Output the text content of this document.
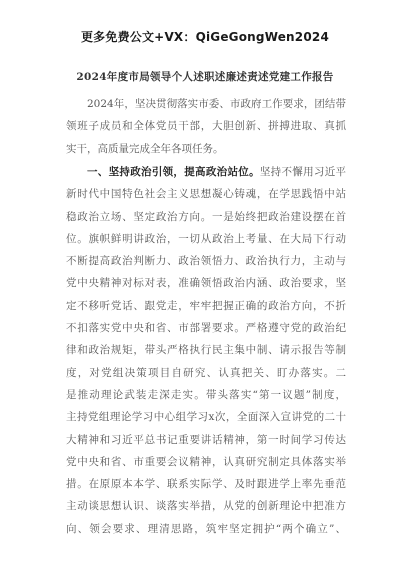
更多免费公文+VX：QiGeGongWen2024
2024年度市局领导个人述职述廉述责述党建工作报告
2024年，坚决贯彻落实市委、市政府工作要求，团结带
领班子成员和全体党员干部，大胆创新、拼搏进取、真抓
实干，高质量完成全年各项任务。
一、坚持政治引领，提高政治站位。坚持不懈用习近平
新时代中国特色社会主义思想凝心铸魂，在学思践悟中站
稳政治立场、坚定政治方向。一是始终把政治建设摆在首
位。旗帜鲜明讲政治，一切从政治上考量、在大局下行动
不断提高政治判断力、政治领悟力、政治执行力，主动与
党中央精神对标对表，准确领悟政治内涵、政治要求，坚
定不移听党话、跟党走，牢牢把握正确的政治方向，不折
不扣落实党中央和省、市部署要求。严格遵守党的政治纪
律和政治规矩，带头严格执行民主集中制、请示报告等制
度，对党组决策项目自研究、认真把关、盯办落实。二
是推动理论武装走深走实。带头落实“第一议题”制度，
主持党组理论学习中心组学习x次，全面深入宣讲党的二十
大精神和习近平总书记重要讲话精神，第一时间学习传达
党中央和省、市重要会议精神，认真研究制定具体落实举
措。在原原本本学、联系实际学、及时跟进学上率先垂范
主动谈思想认识、谈落实举措，从党的创新理论中把准方
向、领会要求、理清思路，筑牢坚定拥护“两个确立”、
